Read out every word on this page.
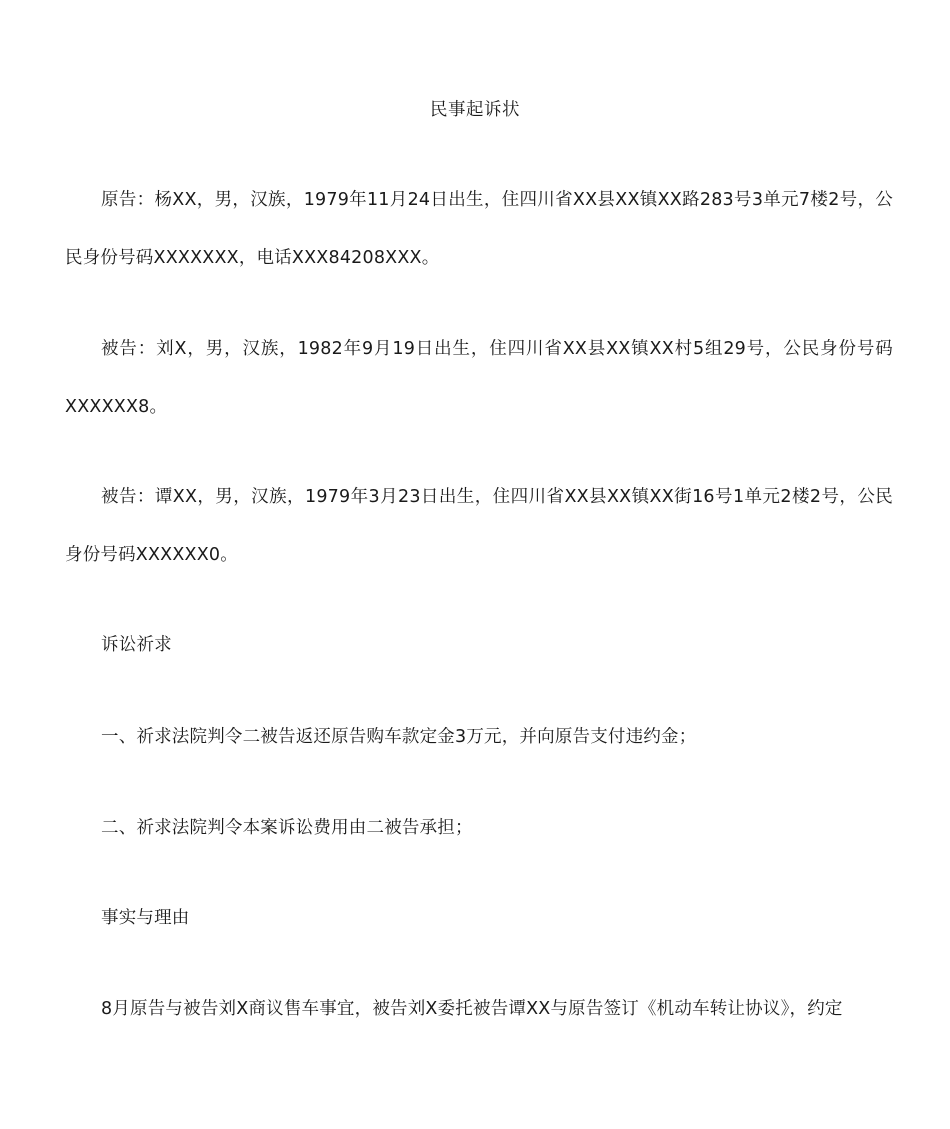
民事起诉状

原告：杨XX，男，汉族，1979年11月24日出生，住四川省XX县XX镇XX路283号3单元7楼2号，公民身份号码XXXXXXX，电话XXX84208XXX。

被告：刘X，男，汉族，1982年9月19日出生，住四川省XX县XX镇XX村5组29号，公民身份号码XXXXXX8。

被告：谭XX，男，汉族，1979年3月23日出生，住四川省XX县XX镇XX街16号1单元2楼2号，公民身份号码XXXXXX0。

诉讼祈求

一、祈求法院判令二被告返还原告购车款定金3万元，并向原告支付违约金；

二、祈求法院判令本案诉讼费用由二被告承担；

事实与理由

8月原告与被告刘X商议售车事宜，被告刘X委托被告谭XX与原告签订《机动车转让协议》，约定
